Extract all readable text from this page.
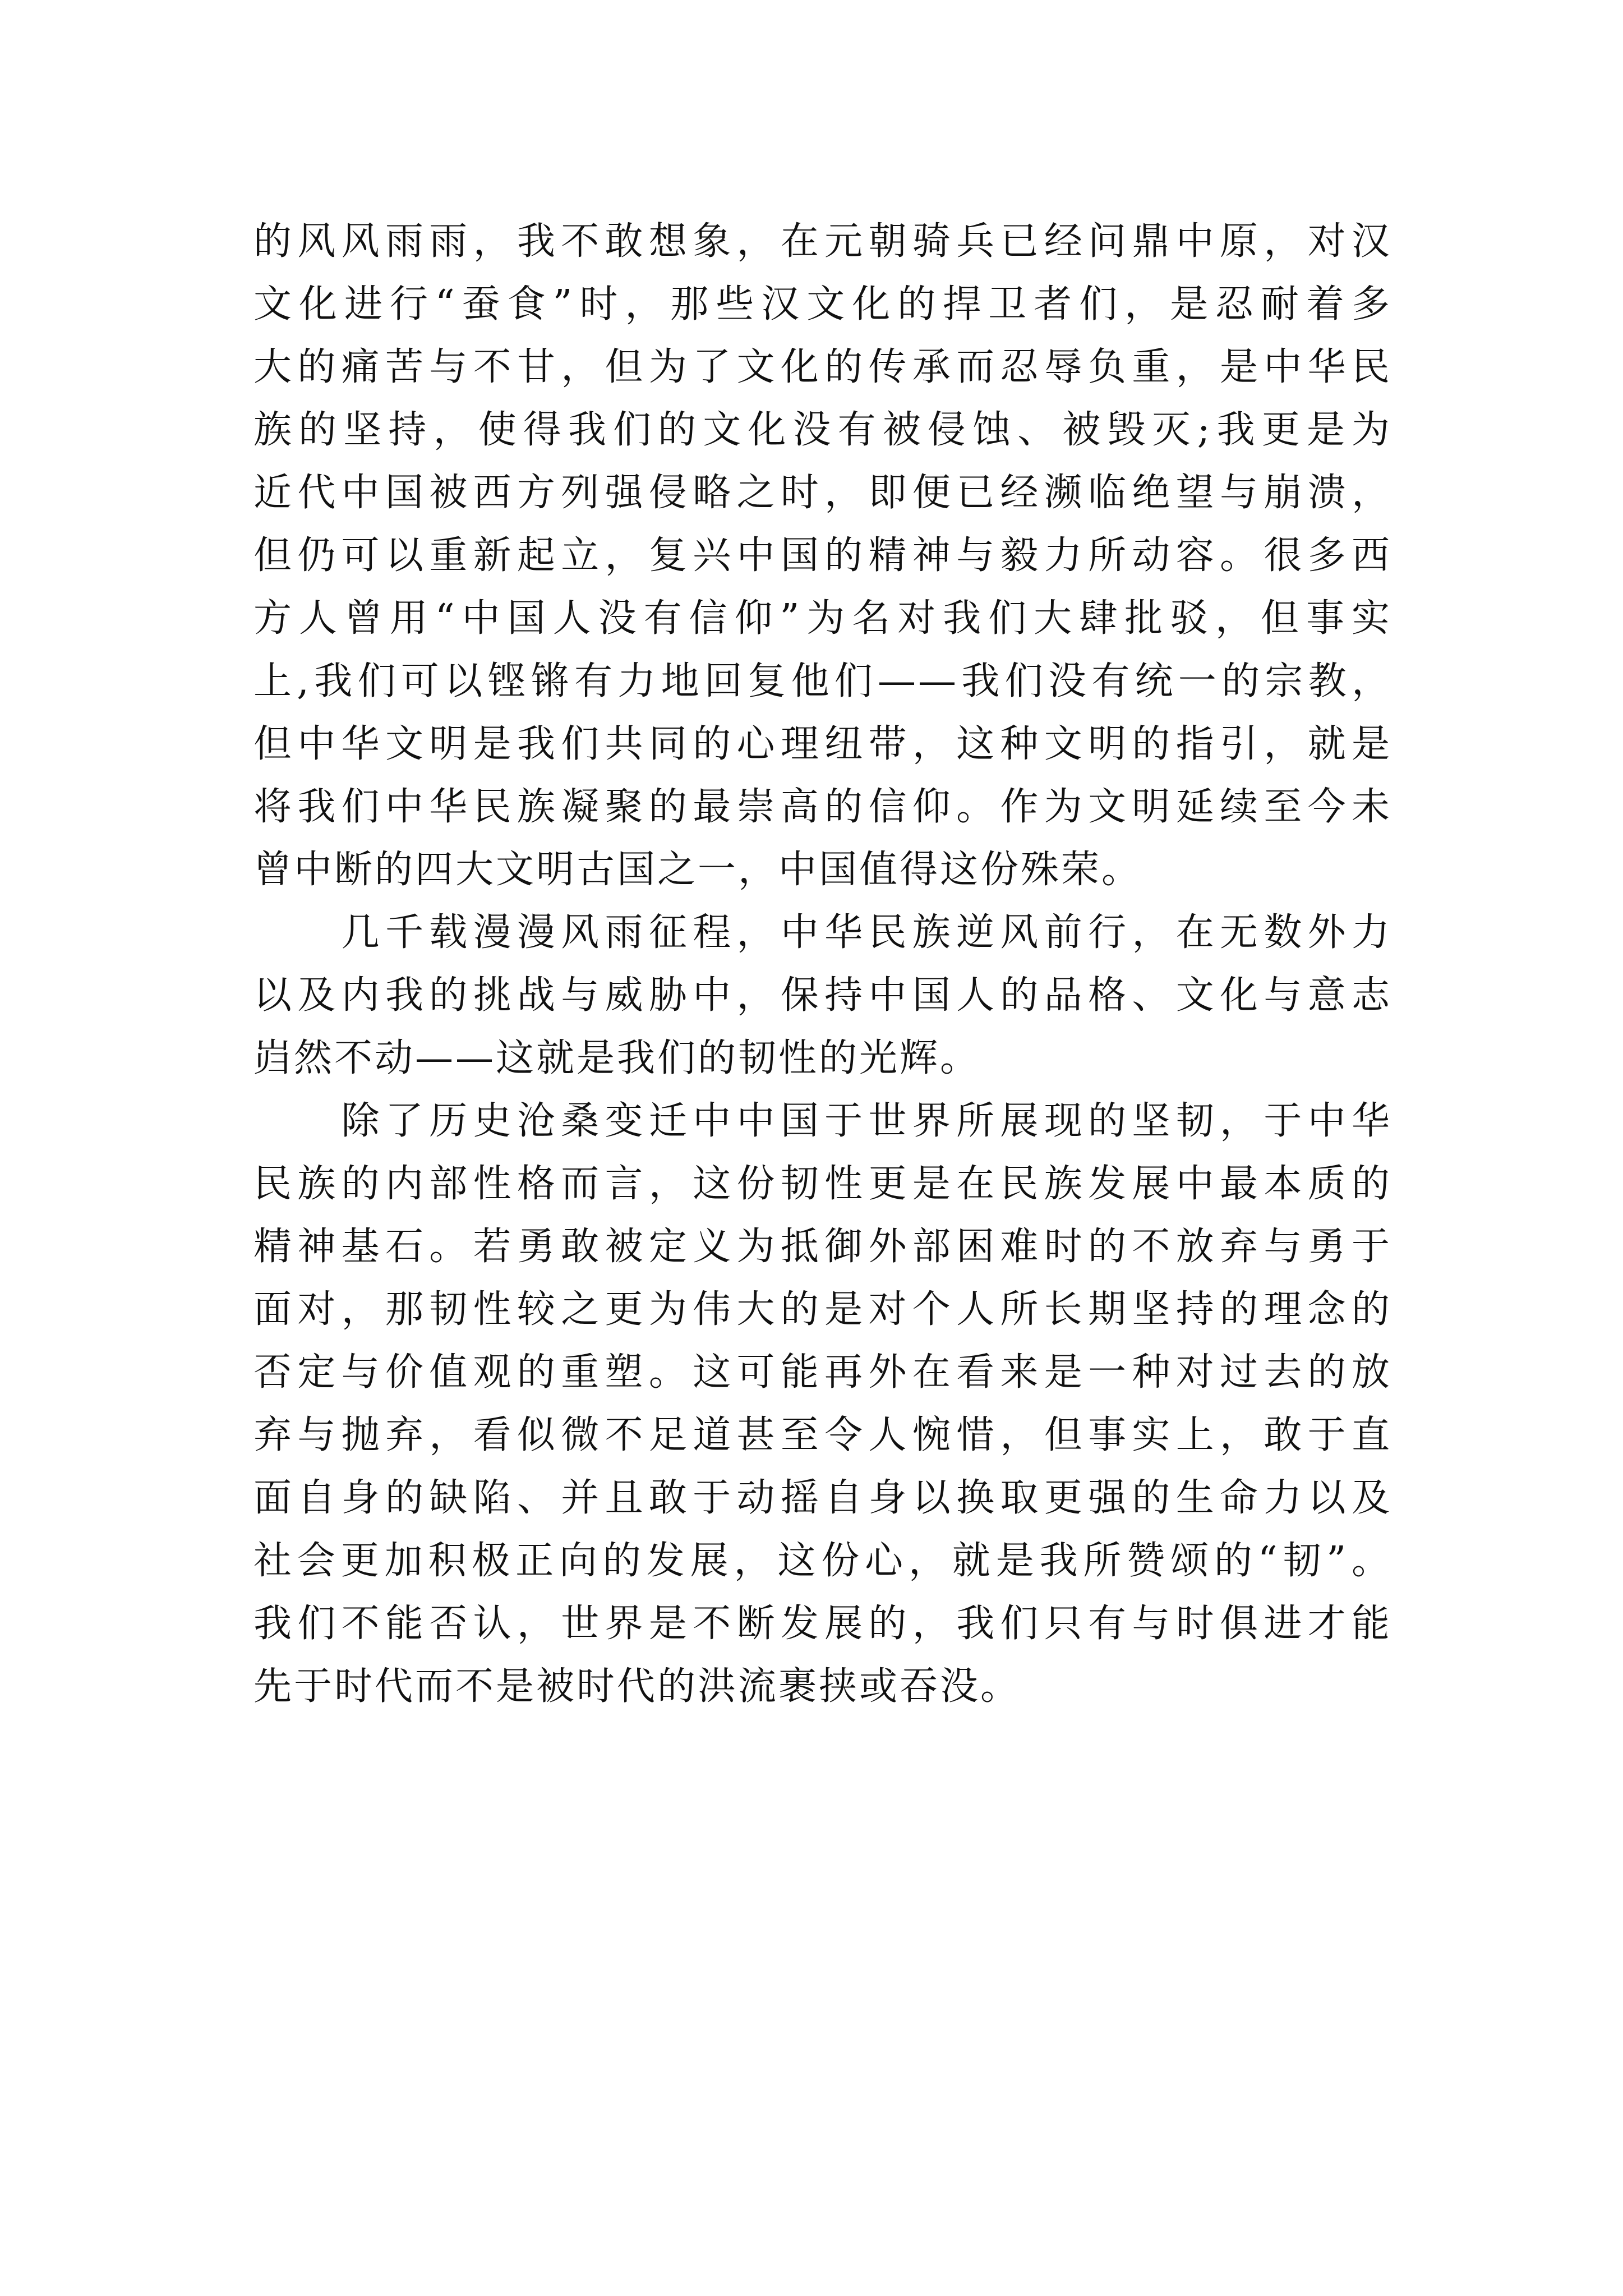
的风风雨雨，我不敢想象，在元朝骑兵已经问鼎中原，对汉
文化进行“蚕食”时，那些汉文化的捍卫者们，是忍耐着多
大的痛苦与不甘，但为了文化的传承而忍辱负重，是中华民
族的坚持，使得我们的文化没有被侵蚀、被毁灭;我更是为
近代中国被西方列强侵略之时，即便已经濒临绝望与崩溃，
但仍可以重新起立，复兴中国的精神与毅力所动容。很多西
方人曾用“中国人没有信仰”为名对我们大肆批驳，但事实
上,我们可以铿锵有力地回复他们——我们没有统一的宗教，
但中华文明是我们共同的心理纽带，这种文明的指引，就是
将我们中华民族凝聚的最崇高的信仰。作为文明延续至今未
曾中断的四大文明古国之一，中国值得这份殊荣。
　　几千载漫漫风雨征程，中华民族逆风前行，在无数外力
以及内我的挑战与威胁中，保持中国人的品格、文化与意志
岿然不动——这就是我们的韧性的光辉。
　　除了历史沧桑变迁中中国于世界所展现的坚韧，于中华
民族的内部性格而言，这份韧性更是在民族发展中最本质的
精神基石。若勇敢被定义为抵御外部困难时的不放弃与勇于
面对，那韧性较之更为伟大的是对个人所长期坚持的理念的
否定与价值观的重塑。这可能再外在看来是一种对过去的放
弃与抛弃，看似微不足道甚至令人惋惜，但事实上，敢于直
面自身的缺陷、并且敢于动摇自身以换取更强的生命力以及
社会更加积极正向的发展，这份心，就是我所赞颂的“韧”。
我们不能否认，世界是不断发展的，我们只有与时俱进才能
先于时代而不是被时代的洪流裹挟或吞没。
